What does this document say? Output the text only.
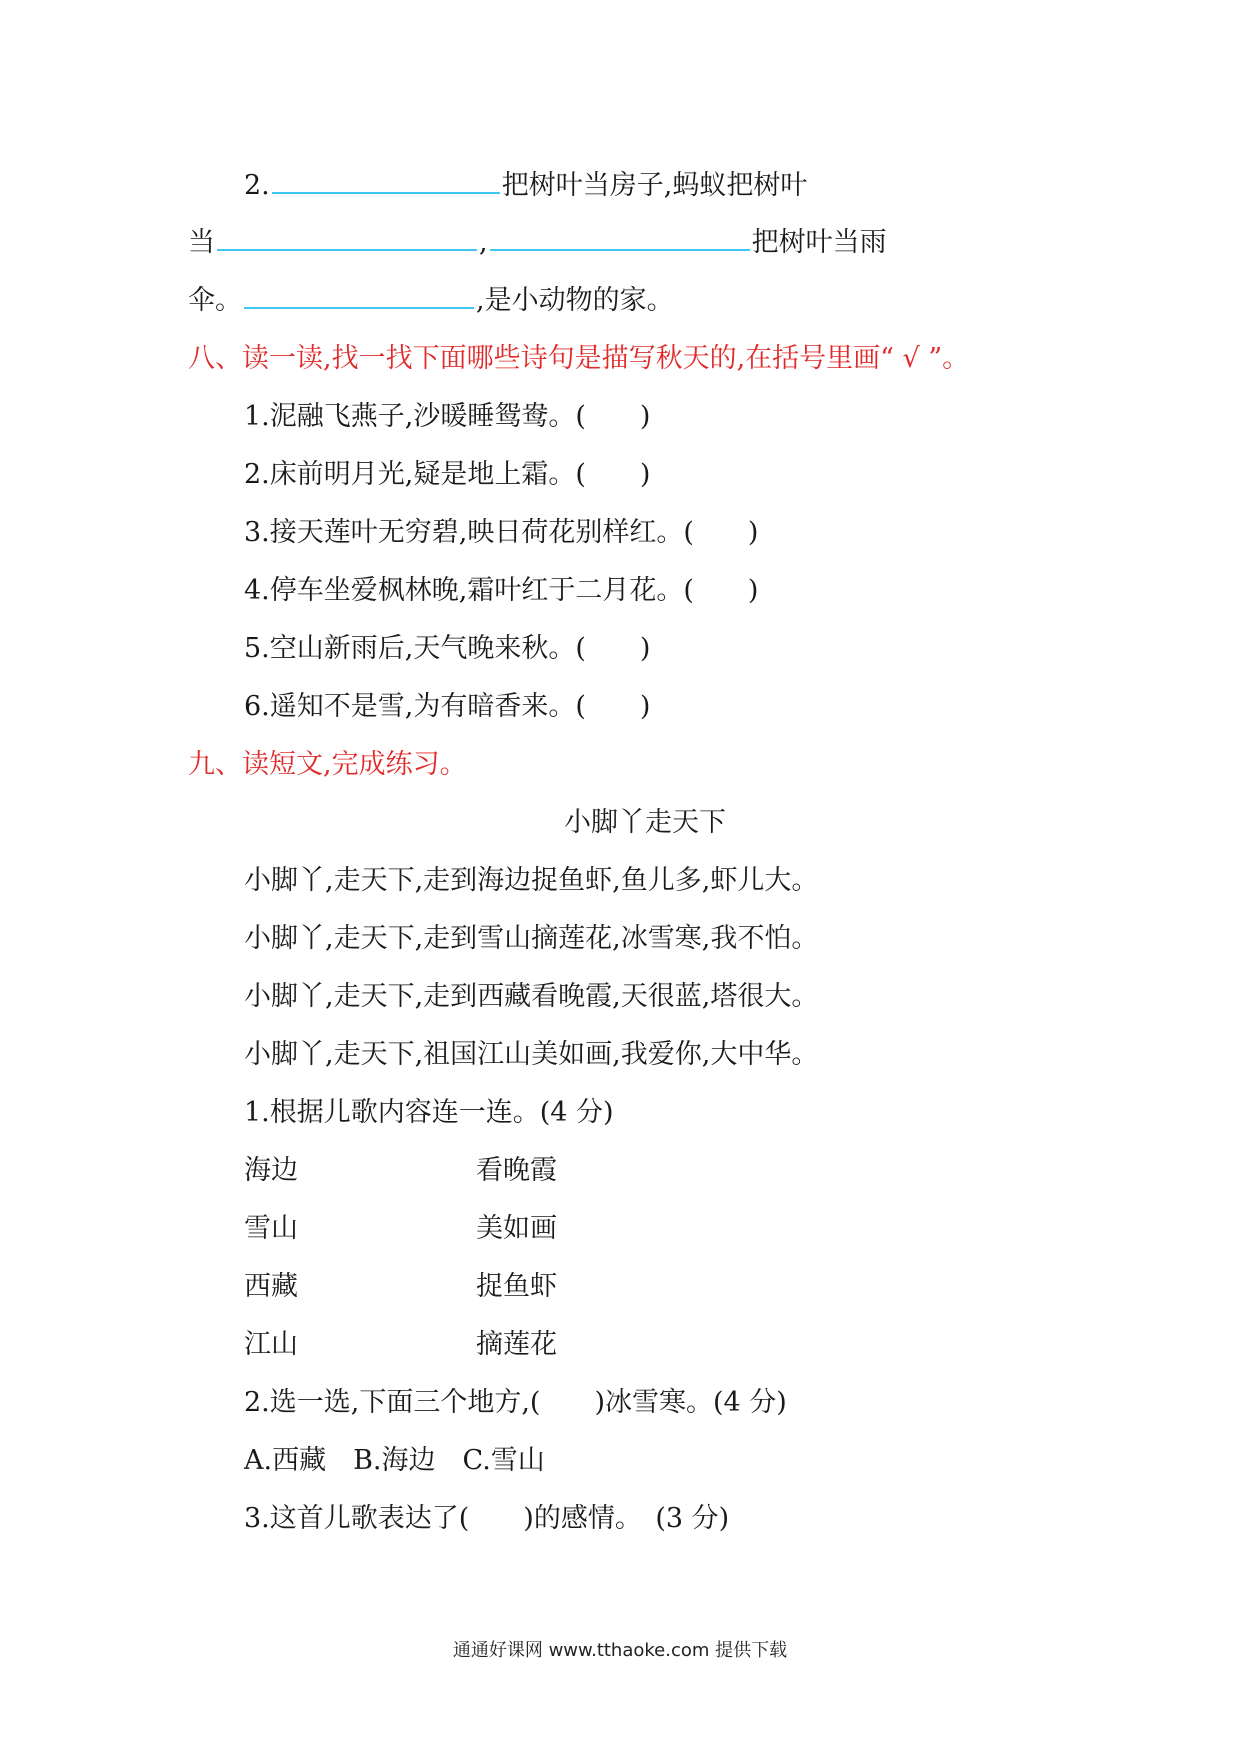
2.	把树叶当房子,蚂蚁把树叶
当	,	把树叶当雨
伞。	,是小动物的家。
八、读一读,找一找下面哪些诗句是描写秋天的,在括号里画“ √ ”。
1.泥融飞燕子,沙暖睡鸳鸯。(　　)
2.床前明月光,疑是地上霜。(　　)
3.接天莲叶无穷碧,映日荷花别样红。(　　)
4.停车坐爱枫林晚,霜叶红于二月花。(　　)
5.空山新雨后,天气晚来秋。(　　)
6.遥知不是雪,为有暗香来。(　　)
九、读短文,完成练习。
小脚丫走天下
小脚丫,走天下,走到海边捉鱼虾,鱼儿多,虾儿大。
小脚丫,走天下,走到雪山摘莲花,冰雪寒,我不怕。
小脚丫,走天下,走到西藏看晚霞,天很蓝,塔很大。
小脚丫,走天下,祖国江山美如画,我爱你,大中华。
1.根据儿歌内容连一连。(4 分)
海边	看晚霞
雪山	美如画
西藏	捉鱼虾
江山	摘莲花
2.选一选,下面三个地方,(　　)冰雪寒。(4 分)
A.西藏　B.海边　C.雪山
3.这首儿歌表达了(　　)的感情。　(3 分)
通通好课网 www.tthaoke.com 提供下载
